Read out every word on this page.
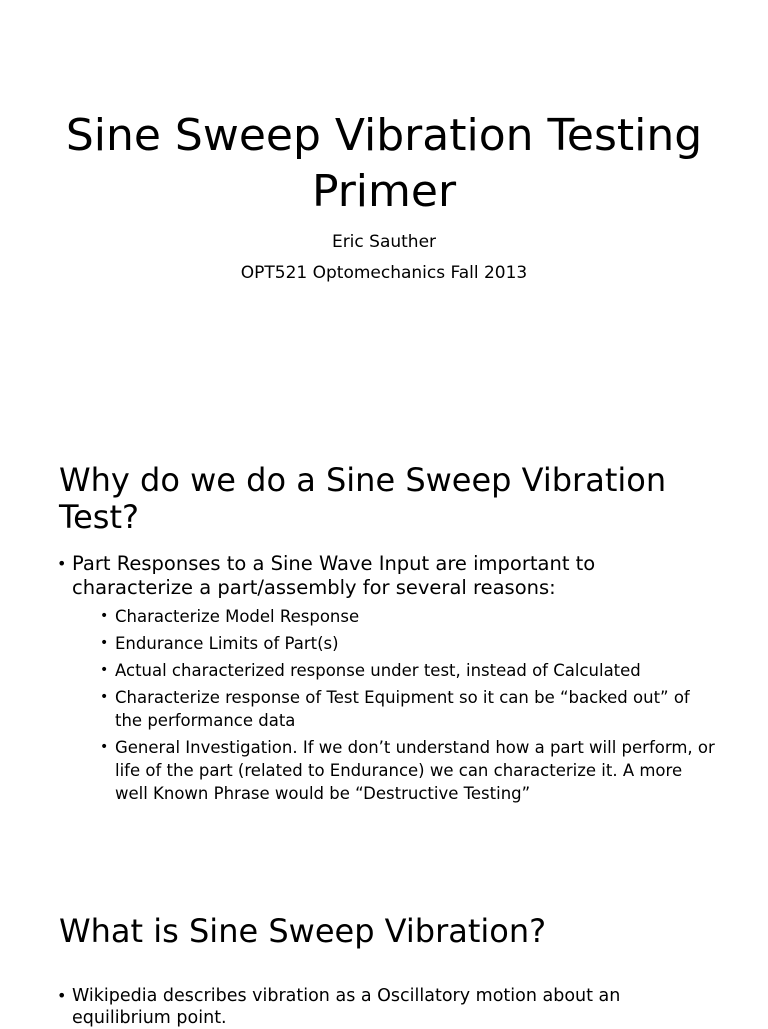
Sine Sweep Vibration Testing Primer
Eric Sauther
OPT521 Optomechanics Fall 2013
Why do we do a Sine Sweep Vibration Test?
• Part Responses to a Sine Wave Input are important to characterize a part/assembly for several reasons:
• Characterize Model Response
• Endurance Limits of Part(s)
• Actual characterized response under test, instead of Calculated
• Characterize response of Test Equipment so it can be “backed out” of the performance data
• General Investigation. If we don’t understand how a part will perform, or life of the part (related to Endurance) we can characterize it. A more well Known Phrase would be “Destructive Testing”
What is Sine Sweep Vibration?
• Wikipedia describes vibration as a Oscillatory motion about an equilibrium point.
